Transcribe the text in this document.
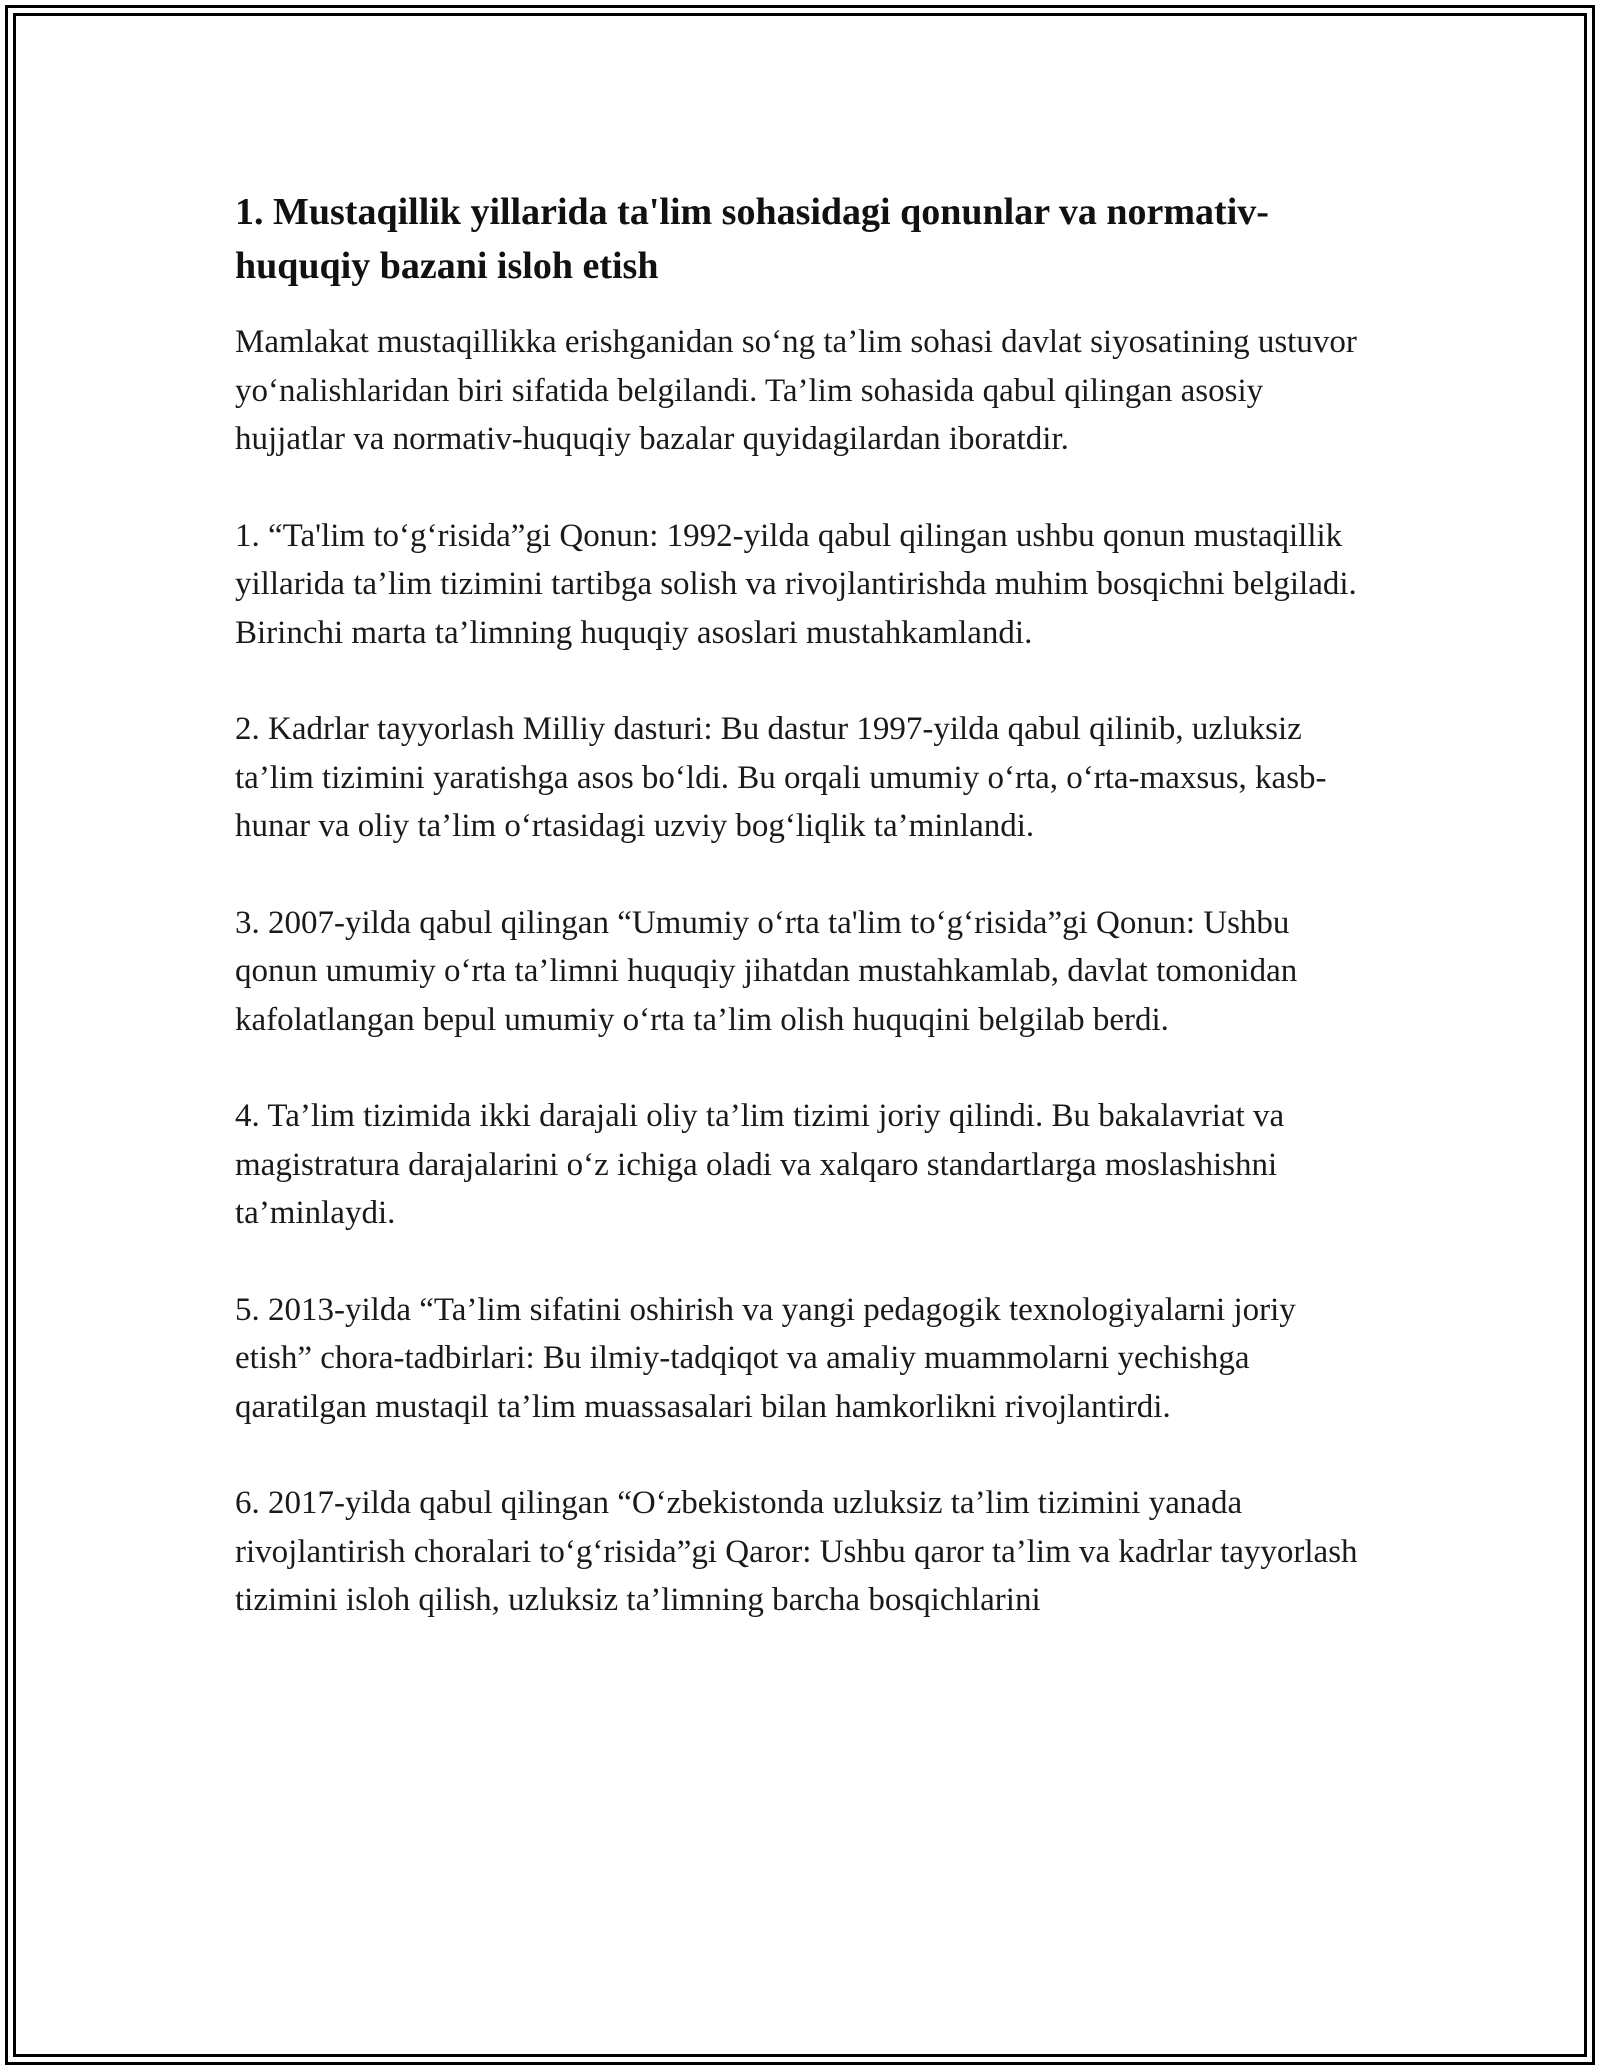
1. Mustaqillik yillarida ta'lim sohasidagi qonunlar va normativ-huquqiy bazani isloh etish

Mamlakat mustaqillikka erishganidan so‘ng ta’lim sohasi davlat siyosatining ustuvor yo‘nalishlaridan biri sifatida belgilandi. Ta’lim sohasida qabul qilingan asosiy hujjatlar va normativ-huquqiy bazalar quyidagilardan iboratdir.

1. “Ta'lim to‘g‘risida”gi Qonun: 1992-yilda qabul qilingan ushbu qonun mustaqillik yillarida ta’lim tizimini tartibga solish va rivojlantirishda muhim bosqichni belgiladi. Birinchi marta ta’limning huquqiy asoslari mustahkamlandi.

2. Kadrlar tayyorlash Milliy dasturi: Bu dastur 1997-yilda qabul qilinib, uzluksiz ta’lim tizimini yaratishga asos bo‘ldi. Bu orqali umumiy o‘rta, o‘rta-maxsus, kasb-hunar va oliy ta’lim o‘rtasidagi uzviy bog‘liqlik ta’minlandi.

3. 2007-yilda qabul qilingan “Umumiy o‘rta ta'lim to‘g‘risida”gi Qonun: Ushbu qonun umumiy o‘rta ta’limni huquqiy jihatdan mustahkamlab, davlat tomonidan kafolatlangan bepul umumiy o‘rta ta’lim olish huquqini belgilab berdi.

4. Ta’lim tizimida ikki darajali oliy ta’lim tizimi joriy qilindi. Bu bakalavriat va magistratura darajalarini o‘z ichiga oladi va xalqaro standartlarga moslashishni ta’minlaydi.

5. 2013-yilda “Ta’lim sifatini oshirish va yangi pedagogik texnologiyalarni joriy etish” chora-tadbirlari: Bu ilmiy-tadqiqot va amaliy muammolarni yechishga qaratilgan mustaqil ta’lim muassasalari bilan hamkorlikni rivojlantirdi.

6. 2017-yilda qabul qilingan “O‘zbekistonda uzluksiz ta’lim tizimini yanada rivojlantirish choralari to‘g‘risida”gi Qaror: Ushbu qaror ta’lim va kadrlar tayyorlash tizimini isloh qilish, uzluksiz ta’limning barcha bosqichlarini
